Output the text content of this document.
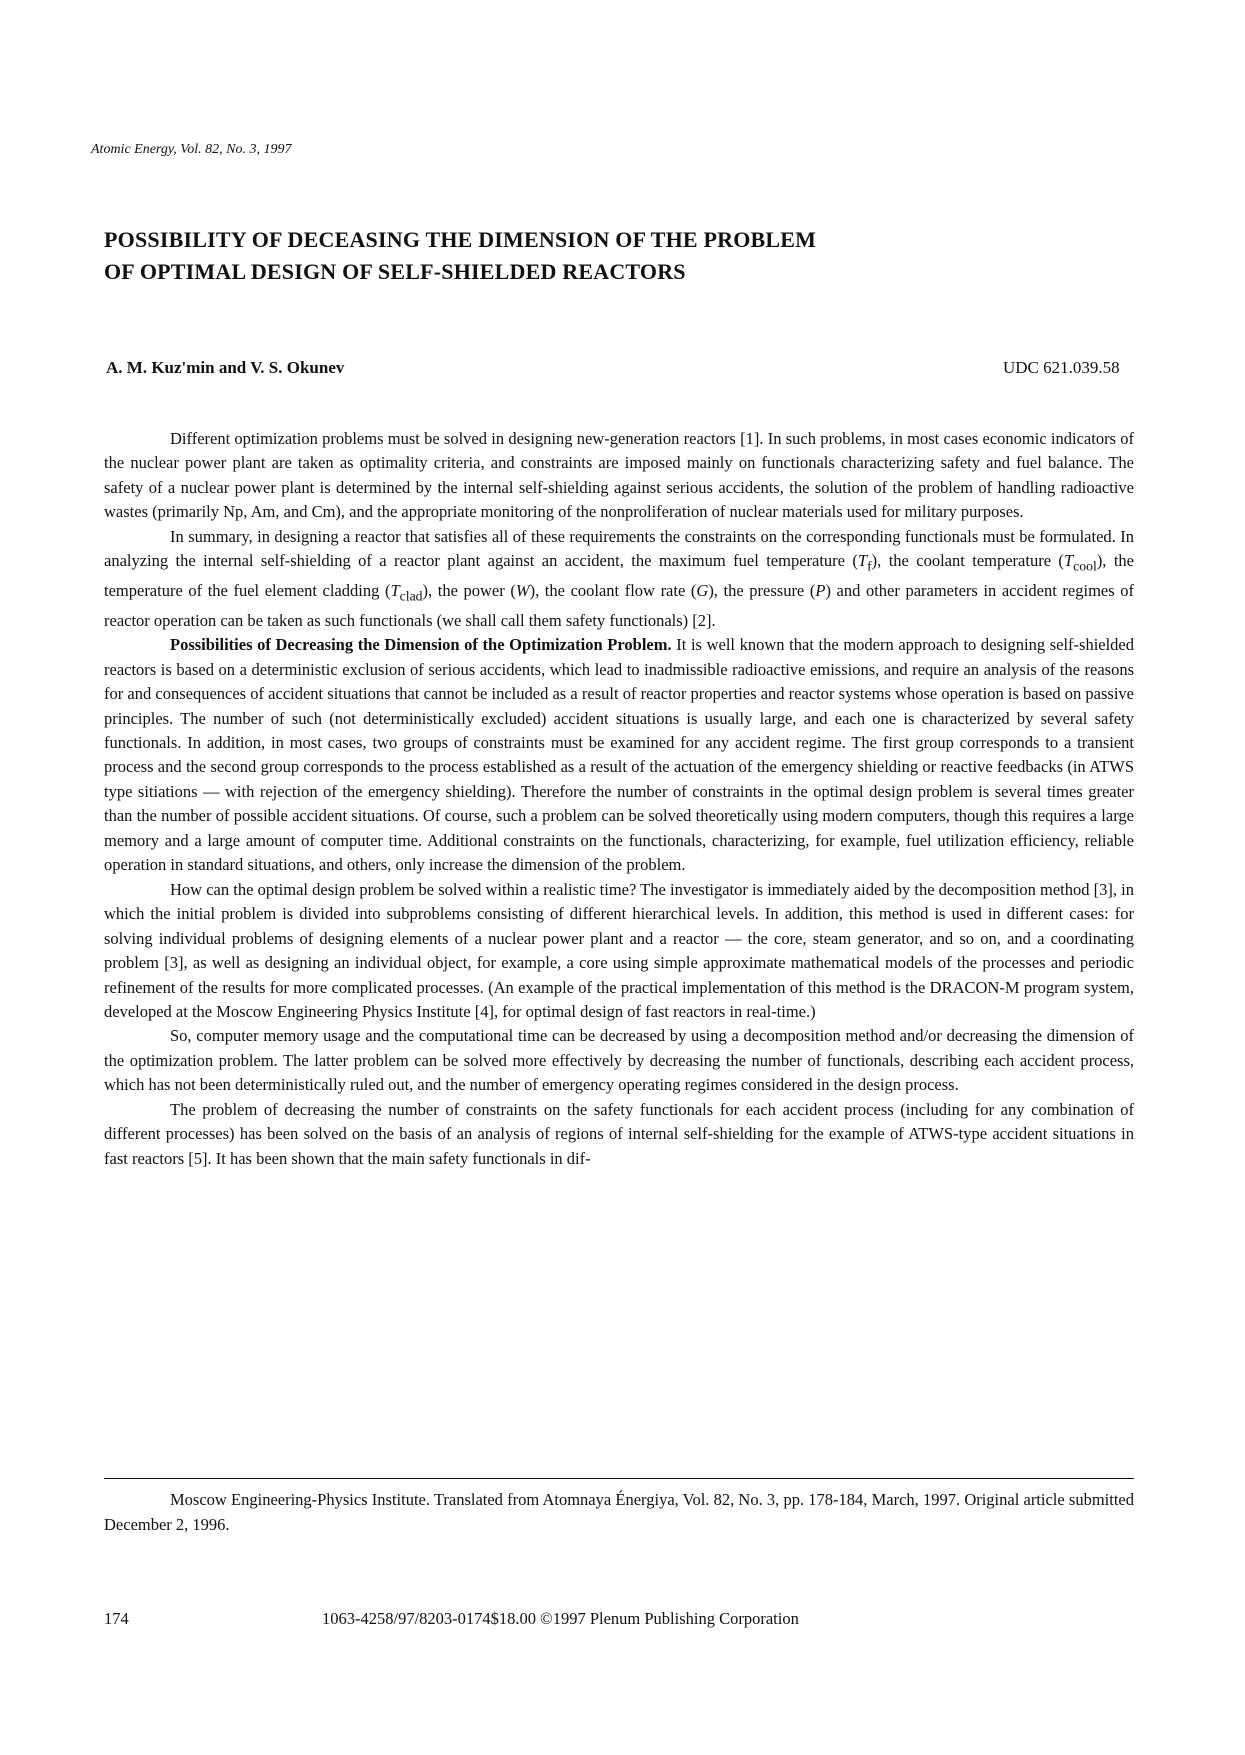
Atomic Energy, Vol. 82, No. 3, 1997
POSSIBILITY OF DECEASING THE DIMENSION OF THE PROBLEM
OF OPTIMAL DESIGN OF SELF-SHIELDED REACTORS
A. M. Kuz'min and V. S. Okunev	UDC 621.039.58

Different optimization problems must be solved in designing new-generation reactors [1]. In such problems, in most cases economic indicators of the nuclear power plant are taken as optimality criteria, and constraints are imposed mainly on functionals characterizing safety and fuel balance. The safety of a nuclear power plant is determined by the internal self-shielding against serious accidents, the solution of the problem of handling radioactive wastes (primarily Np, Am, and Cm), and the appropriate monitoring of the nonproliferation of nuclear materials used for military purposes.

In summary, in designing a reactor that satisfies all of these requirements the constraints on the corresponding functionals must be formulated. In analyzing the internal self-shielding of a reactor plant against an accident, the maximum fuel temperature $(T_f)$, the coolant temperature $(T_{cool})$, the temperature of the fuel element cladding $(T_{clad})$, the power (W), the coolant flow rate (G), the pressure (P) and other parameters in accident regimes of reactor operation can be taken as such functionals (we shall call them safety functionals) [2].

Possibilities of Decreasing the Dimension of the Optimization Problem. It is well known that the modern approach to designing self-shielded reactors is based on a deterministic exclusion of serious accidents, which lead to inadmissible radioactive emissions, and require an analysis of the reasons for and consequences of accident situations that cannot be included as a result of reactor properties and reactor systems whose operation is based on passive principles. The number of such (not deterministically excluded) accident situations is usually large, and each one is characterized by several safety functionals. In addition, in most cases, two groups of constraints must be examined for any accident regime. The first group corresponds to a transient process and the second group corresponds to the process established as a result of the actuation of the emergency shielding or reactive feedbacks (in ATWS type sitiations — with rejection of the emergency shielding). Therefore the number of constraints in the optimal design problem is several times greater than the number of possible accident situations. Of course, such a problem can be solved theoretically using modern computers, though this requires a large memory and a large amount of computer time. Additional constraints on the functionals, characterizing, for example, fuel utilization efficiency, reliable operation in standard situations, and others, only increase the dimension of the problem.

How can the optimal design problem be solved within a realistic time? The investigator is immediately aided by the decomposition method [3], in which the initial problem is divided into subproblems consisting of different hierarchical levels. In addition, this method is used in different cases: for solving individual problems of designing elements of a nuclear power plant and a reactor — the core, steam generator, and so on, and a coordinating problem [3], as well as designing an individual object, for example, a core using simple approximate mathematical models of the processes and periodic refinement of the results for more complicated processes. (An example of the practical implementation of this method is the DRACON-M program system, developed at the Moscow Engineering Physics Institute [4], for optimal design of fast reactors in real-time.)

So, computer memory usage and the computational time can be decreased by using a decomposition method and/or decreasing the dimension of the optimization problem. The latter problem can be solved more effectively by decreasing the number of functionals, describing each accident process, which has not been deterministically ruled out, and the number of emergency operating regimes considered in the design process.

The problem of decreasing the number of constraints on the safety functionals for each accident process (including for any combination of different processes) has been solved on the basis of an analysis of regions of internal self-shielding for the example of ATWS-type accident situations in fast reactors [5]. It has been shown that the main safety functionals in dif-

Moscow Engineering-Physics Institute. Translated from Atomnaya Énergiya, Vol. 82, No. 3, pp. 178-184, March, 1997. Original article submitted December 2, 1996.
174	1063-4258/97/8203-0174$18.00 ©1997 Plenum Publishing Corporation
